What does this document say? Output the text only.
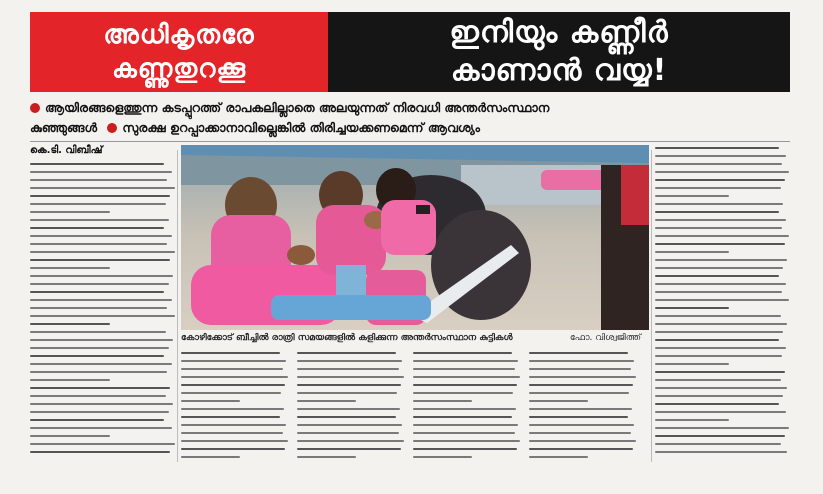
അധികൃതരേ
കണ്ണുതുറക്കൂ
ഇനിയും കണ്ണീർ
കാണാൻ വയ്യ!
ആയിരങ്ങളെത്തുന്ന കടപ്പുറത്ത് രാപകലില്ലാതെ അലയുന്നത് നിരവധി അന്തർസംസ്ഥാന
കുഞ്ഞുങ്ങൾ സുരക്ഷ ഉറപ്പാക്കാനാവില്ലെങ്കിൽ തിരിച്ചയക്കണമെന്ന് ആവശ്യം
കെ.ടി. വിബീഷ്
കോഴിക്കോട് ബീച്ചിൽ രാത്രി സമയങ്ങളിൽ കളിക്കുന്ന അന്തർസംസ്ഥാന കുട്ടികൾ	ഫോ. വിശ്വജിത്ത്
